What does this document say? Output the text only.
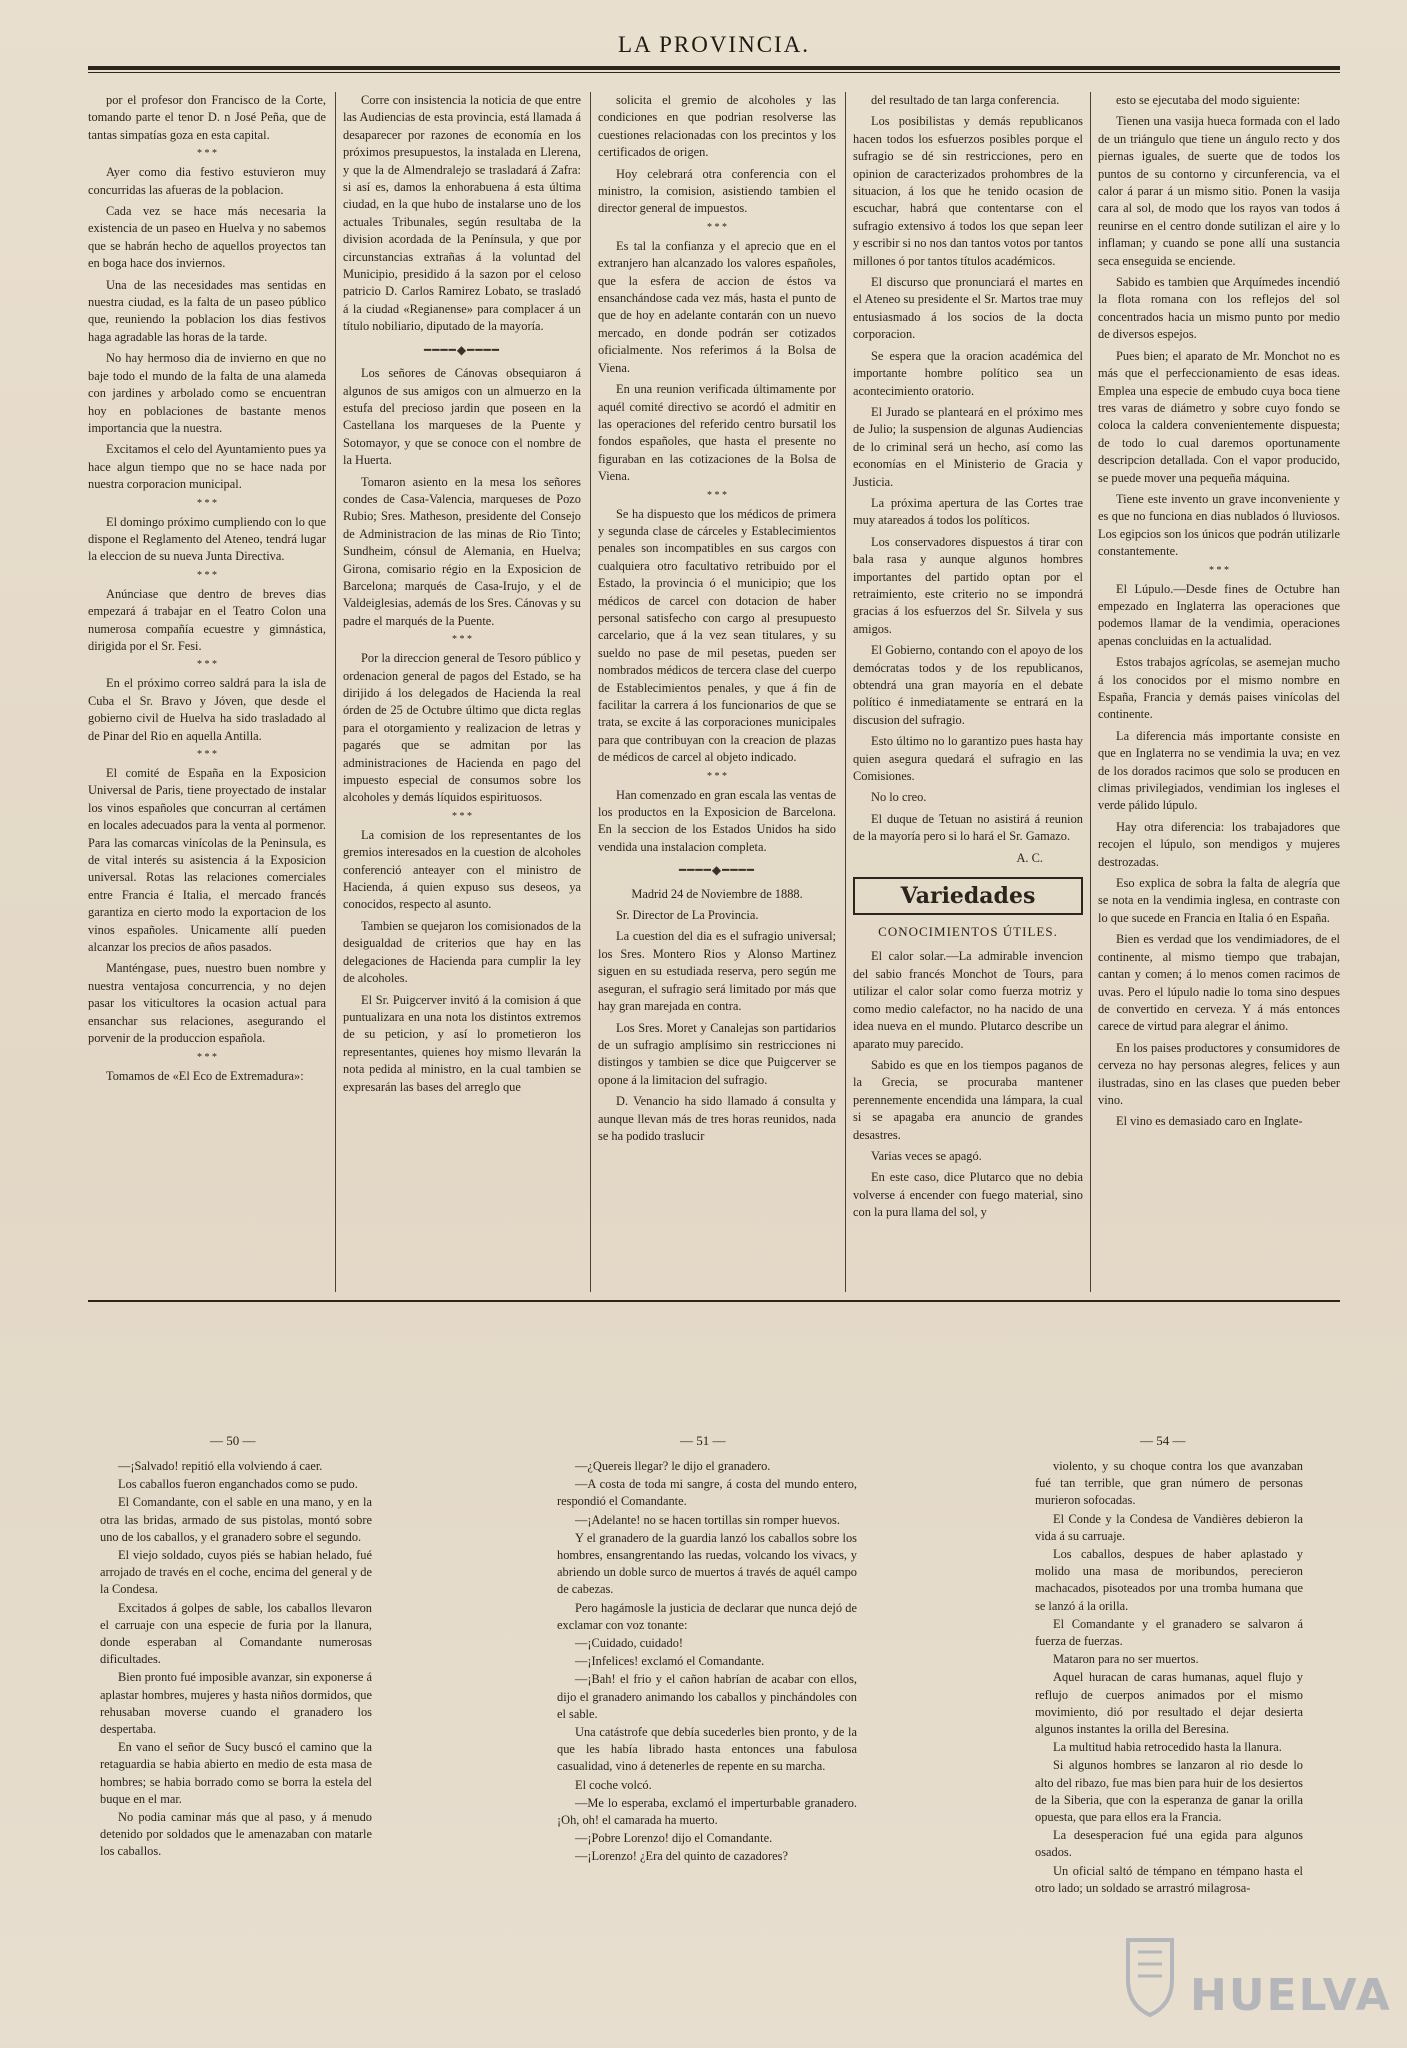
LA PROVINCIA.

por el profesor don Francisco de la Corte, tomando parte el tenor D. n José Peña, que de tantas simpatías goza en esta capital.

* * *

Ayer como dia festivo estuvieron muy concurridas las afueras de la poblacion.

Cada vez se hace más necesaria la existencia de un paseo en Huelva y no sabemos que se habrán hecho de aquellos proyectos tan en boga hace dos inviernos.

Una de las necesidades mas sentidas en nuestra ciudad, es la falta de un paseo público que, reuniendo la poblacion los dias festivos haga agradable las horas de la tarde.

No hay hermoso dia de invierno en que no baje todo el mundo de la falta de una alameda con jardines y arbolado como se encuentran hoy en poblaciones de bastante menos importancia que la nuestra.

Excitamos el celo del Ayuntamiento pues ya hace algun tiempo que no se hace nada por nuestra corporacion municipal.

* * *

El domingo próximo cumpliendo con lo que dispone el Reglamento del Ateneo, tendrá lugar la eleccion de su nueva Junta Directiva.

* * *

Anúnciase que dentro de breves dias empezará á trabajar en el Teatro Colon una numerosa compañía ecuestre y gimnástica, dirigida por el Sr. Fesi.

* * *

En el próximo correo saldrá para la isla de Cuba el Sr. Bravo y Jóven, que desde el gobierno civil de Huelva ha sido trasladado al de Pinar del Rio en aquella Antilla.

* * *

El comité de España en la Exposicion Universal de Paris, tiene proyectado de instalar los vinos españoles que concurran al certámen en locales adecuados para la venta al pormenor. Para las comarcas vinícolas de la Peninsula, es de vital interés su asistencia á la Exposicion universal. Rotas las relaciones comerciales entre Francia é Italia, el mercado francés garantiza en cierto modo la exportacion de los vinos españoles. Unicamente allí pueden alcanzar los precios de años pasados.

Manténgase, pues, nuestro buen nombre y nuestra ventajosa concurrencia, y no dejen pasar los viticultores la ocasion actual para ensanchar sus relaciones, asegurando el porvenir de la produccion española.

* * *

Tomamos de «El Eco de Extremadura»:

Corre con insistencia la noticia de que entre las Audiencias de esta provincia, está llamada á desaparecer por razones de economía en los próximos presupuestos, la instalada en Llerena, y que la de Almendralejo se trasladará á Zafra: si así es, damos la enhorabuena á esta última ciudad, en la que hubo de instalarse uno de los actuales Tribunales, según resultaba de la division acordada de la Península, y que por circunstancias extrañas á la voluntad del Municipio, presidido á la sazon por el celoso patricio D. Carlos Ramirez Lobato, se trasladó á la ciudad «Regianense» para complacer á un título nobiliario, diputado de la mayoría.

━━━━◆━━━━

Los señores de Cánovas obsequiaron á algunos de sus amigos con un almuerzo en la estufa del precioso jardin que poseen en la Castellana los marqueses de la Puente y Sotomayor, y que se conoce con el nombre de la Huerta.

Tomaron asiento en la mesa los señores condes de Casa-Valencia, marqueses de Pozo Rubio; Sres. Matheson, presidente del Consejo de Administracion de las minas de Rio Tinto; Sundheim, cónsul de Alemania, en Huelva; Girona, comisario régio en la Exposicion de Barcelona; marqués de Casa-Irujo, y el de Valdeiglesias, además de los Sres. Cánovas y su padre el marqués de la Puente.

* * *

Por la direccion general de Tesoro público y ordenacion general de pagos del Estado, se ha dirijido á los delegados de Hacienda la real órden de 25 de Octubre último que dicta reglas para el otorgamiento y realizacion de letras y pagarés que se admitan por las administraciones de Hacienda en pago del impuesto especial de consumos sobre los alcoholes y demás líquidos espirituosos.

* * *

La comision de los representantes de los gremios interesados en la cuestion de alcoholes conferenció anteayer con el ministro de Hacienda, á quien expuso sus deseos, ya conocidos, respecto al asunto.

Tambien se quejaron los comisionados de la desigualdad de criterios que hay en las delegaciones de Hacienda para cumplir la ley de alcoholes.

El Sr. Puigcerver invitó á la comision á que puntualizara en una nota los distintos extremos de su peticion, y así lo prometieron los representantes, quienes hoy mismo llevarán la nota pedida al ministro, en la cual tambien se expresarán las bases del arreglo que

solicita el gremio de alcoholes y las condiciones en que podrian resolverse las cuestiones relacionadas con los precintos y los certificados de origen.

Hoy celebrará otra conferencia con el ministro, la comision, asistiendo tambien el director general de impuestos.

* * *

Es tal la confianza y el aprecio que en el extranjero han alcanzado los valores españoles, que la esfera de accion de éstos va ensanchándose cada vez más, hasta el punto de que de hoy en adelante contarán con un nuevo mercado, en donde podrán ser cotizados oficialmente. Nos referimos á la Bolsa de Viena.

En una reunion verificada últimamente por aquél comité directivo se acordó el admitir en las operaciones del referido centro bursatil los fondos españoles, que hasta el presente no figuraban en las cotizaciones de la Bolsa de Viena.

* * *

Se ha dispuesto que los médicos de primera y segunda clase de cárceles y Establecimientos penales son incompatibles en sus cargos con cualquiera otro facultativo retribuido por el Estado, la provincia ó el municipio; que los médicos de carcel con dotacion de haber personal satisfecho con cargo al presupuesto carcelario, que á la vez sean titulares, y su sueldo no pase de mil pesetas, pueden ser nombrados médicos de tercera clase del cuerpo de Establecimientos penales, y que á fin de facilitar la carrera á los funcionarios de que se trata, se excite á las corporaciones municipales para que contribuyan con la creacion de plazas de médicos de carcel al objeto indicado.

* * *

Han comenzado en gran escala las ventas de los productos en la Exposicion de Barcelona. En la seccion de los Estados Unidos ha sido vendida una instalacion completa.

━━━━◆━━━━

Madrid 24 de Noviembre de 1888.

Sr. Director de La Provincia.

La cuestion del dia es el sufragio universal; los Sres. Montero Rios y Alonso Martinez siguen en su estudiada reserva, pero según me aseguran, el sufragio será limitado por más que hay gran marejada en contra.

Los Sres. Moret y Canalejas son partidarios de un sufragio amplísimo sin restricciones ni distingos y tambien se dice que Puigcerver se opone á la limitacion del sufragio.

D. Venancio ha sido llamado á consulta y aunque llevan más de tres horas reunidos, nada se ha podido traslucir

del resultado de tan larga conferencia.

Los posibilistas y demás republicanos hacen todos los esfuerzos posibles porque el sufragio se dé sin restricciones, pero en opinion de caracterizados prohombres de la situacion, á los que he tenido ocasion de escuchar, habrá que contentarse con el sufragio extensivo á todos los que sepan leer y escribir si no nos dan tantos votos por tantos millones ó por tantos títulos académicos.

El discurso que pronunciará el martes en el Ateneo su presidente el Sr. Martos trae muy entusiasmado á los socios de la docta corporacion.

Se espera que la oracion académica del importante hombre político sea un acontecimiento oratorio.

El Jurado se planteará en el próximo mes de Julio; la suspension de algunas Audiencias de lo criminal será un hecho, así como las economías en el Ministerio de Gracia y Justicia.

La próxima apertura de las Cortes trae muy atareados á todos los políticos.

Los conservadores dispuestos á tirar con bala rasa y aunque algunos hombres importantes del partido optan por el retraimiento, este criterio no se impondrá gracias á los esfuerzos del Sr. Silvela y sus amigos.

El Gobierno, contando con el apoyo de los demócratas todos y de los republicanos, obtendrá una gran mayoría en el debate político é inmediatamente se entrará en la discusion del sufragio.

Esto último no lo garantizo pues hasta hay quien asegura quedará el sufragio en las Comisiones.

No lo creo.

El duque de Tetuan no asistirá á reunion de la mayoría pero si lo hará el Sr. Gamazo.

A. C.

Variedades
CONOCIMIENTOS ÚTILES.

El calor solar.—La admirable invencion del sabio francés Monchot de Tours, para utilizar el calor solar como fuerza motriz y como medio calefactor, no ha nacido de una idea nueva en el mundo. Plutarco describe un aparato muy parecido.

Sabido es que en los tiempos paganos de la Grecia, se procuraba mantener perennemente encendida una lámpara, la cual si se apagaba era anuncio de grandes desastres.

Varias veces se apagó.

En este caso, dice Plutarco que no debia volverse á encender con fuego material, sino con la pura llama del sol, y

esto se ejecutaba del modo siguiente:

Tienen una vasija hueca formada con el lado de un triángulo que tiene un ángulo recto y dos piernas iguales, de suerte que de todos los puntos de su contorno y circunferencia, va el calor á parar á un mismo sitio. Ponen la vasija cara al sol, de modo que los rayos van todos á reunirse en el centro donde sutilizan el aire y lo inflaman; y cuando se pone allí una sustancia seca enseguida se enciende.

Sabido es tambien que Arquímedes incendió la flota romana con los reflejos del sol concentrados hacia un mismo punto por medio de diversos espejos.

Pues bien; el aparato de Mr. Monchot no es más que el perfeccionamiento de esas ideas. Emplea una especie de embudo cuya boca tiene tres varas de diámetro y sobre cuyo fondo se coloca la caldera convenientemente dispuesta; de todo lo cual daremos oportunamente descripcion detallada. Con el vapor producido, se puede mover una pequeña máquina.

Tiene este invento un grave inconveniente y es que no funciona en dias nublados ó lluviosos. Los egipcios son los únicos que podrán utilizarle constantemente.

* * *

El Lúpulo.—Desde fines de Octubre han empezado en Inglaterra las operaciones que podemos llamar de la vendimia, operaciones apenas concluidas en la actualidad.

Estos trabajos agrícolas, se asemejan mucho á los conocidos por el mismo nombre en España, Francia y demás paises vinícolas del continente.

La diferencia más importante consiste en que en Inglaterra no se vendimia la uva; en vez de los dorados racimos que solo se producen en climas privilegiados, vendimian los ingleses el verde pálido lúpulo.

Hay otra diferencia: los trabajadores que recojen el lúpulo, son mendigos y mujeres destrozadas.

Eso explica de sobra la falta de alegría que se nota en la vendimia inglesa, en contraste con lo que sucede en Francia en Italia ó en España.

Bien es verdad que los vendimiadores, de el continente, al mismo tiempo que trabajan, cantan y comen; á lo menos comen racimos de uvas. Pero el lúpulo nadie lo toma sino despues de convertido en cerveza. Y á más entonces carece de virtud para alegrar el ánimo.

En los paises productores y consumidores de cerveza no hay personas alegres, felices y aun ilustradas, sino en las clases que pueden beber vino.

El vino es demasiado caro en Inglate-

— 50 —

—¡Salvado! repitió ella volviendo á caer.

Los caballos fueron enganchados como se pudo.

El Comandante, con el sable en una mano, y en la otra las bridas, armado de sus pistolas, montó sobre uno de los caballos, y el granadero sobre el segundo.

El viejo soldado, cuyos piés se habian helado, fué arrojado de través en el coche, encima del general y de la Condesa.

Excitados á golpes de sable, los caballos llevaron el carruaje con una especie de furia por la llanura, donde esperaban al Comandante numerosas dificultades.

Bien pronto fué imposible avanzar, sin exponerse á aplastar hombres, mujeres y hasta niños dormidos, que rehusaban moverse cuando el granadero los despertaba.

En vano el señor de Sucy buscó el camino que la retaguardia se habia abierto en medio de esta masa de hombres; se habia borrado como se borra la estela del buque en el mar.

No podia caminar más que al paso, y á menudo detenido por soldados que le amenazaban con matarle los caballos.

— 51 —

—¿Quereis llegar? le dijo el granadero.

—A costa de toda mi sangre, á costa del mundo entero, respondió el Comandante.

—¡Adelante! no se hacen tortillas sin romper huevos.

Y el granadero de la guardia lanzó los caballos sobre los hombres, ensangrentando las ruedas, volcando los vivacs, y abriendo un doble surco de muertos á través de aquél campo de cabezas.

Pero hagámosle la justicia de declarar que nunca dejó de exclamar con voz tonante:

—¡Cuidado, cuidado!

—¡Infelices! exclamó el Comandante.

—¡Bah! el frio y el cañon habrían de acabar con ellos, dijo el granadero animando los caballos y pinchándoles con el sable.

Una catástrofe que debía sucederles bien pronto, y de la que les había librado hasta entonces una fabulosa casualidad, vino á detenerles de repente en su marcha.

El coche volcó.

—Me lo esperaba, exclamó el imperturbable granadero. ¡Oh, oh! el camarada ha muerto.

—¡Pobre Lorenzo! dijo el Comandante.

—¡Lorenzo! ¿Era del quinto de cazadores?

— 54 —

violento, y su choque contra los que avanzaban fué tan terrible, que gran número de personas murieron sofocadas.

El Conde y la Condesa de Vandières debieron la vida á su carruaje.

Los caballos, despues de haber aplastado y molido una masa de moribundos, perecieron machacados, pisoteados por una tromba humana que se lanzó á la orilla.

El Comandante y el granadero se salvaron á fuerza de fuerzas.

Mataron para no ser muertos.

Aquel huracan de caras humanas, aquel flujo y reflujo de cuerpos animados por el mismo movimiento, dió por resultado el dejar desierta algunos instantes la orilla del Beresina.

La multitud habia retrocedido hasta la llanura.

Si algunos hombres se lanzaron al rio desde lo alto del ribazo, fue mas bien para huir de los desiertos de la Siberia, que con la esperanza de ganar la orilla opuesta, que para ellos era la Francia.

La desesperacion fué una egida para algunos osados.

Un oficial saltó de témpano en témpano hasta el otro lado; un soldado se arrastró milagrosa-

HUELVA
